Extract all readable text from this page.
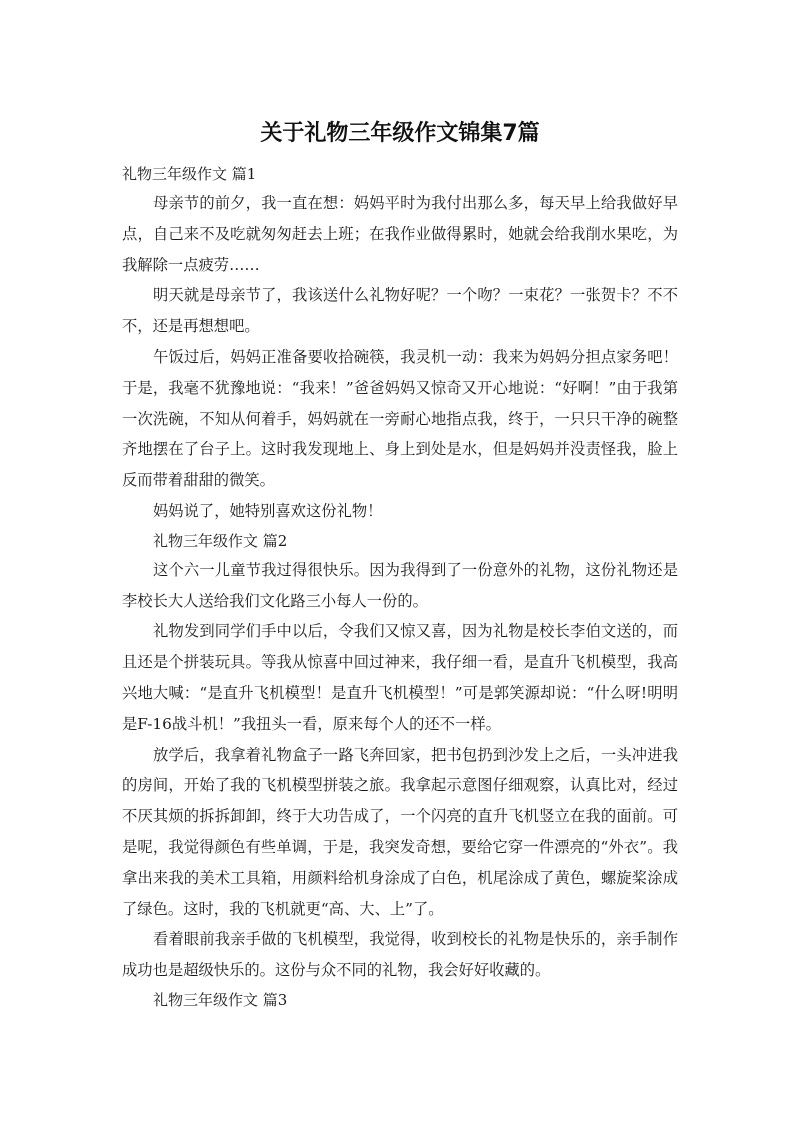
关于礼物三年级作文锦集7篇
礼物三年级作文 篇1

母亲节的前夕，我一直在想：妈妈平时为我付出那么多，每天早上给我做好早点，自己来不及吃就匆匆赶去上班；在我作业做得累时，她就会给我削水果吃，为我解除一点疲劳……

明天就是母亲节了，我该送什么礼物好呢？一个吻？一束花？一张贺卡？不不不，还是再想想吧。

午饭过后，妈妈正准备要收拾碗筷，我灵机一动：我来为妈妈分担点家务吧！于是，我毫不犹豫地说：“我来！”爸爸妈妈又惊奇又开心地说：“好啊！”由于我第一次洗碗，不知从何着手，妈妈就在一旁耐心地指点我，终于，一只只干净的碗整齐地摆在了台子上。这时我发现地上、身上到处是水，但是妈妈并没责怪我，脸上反而带着甜甜的微笑。

妈妈说了，她特别喜欢这份礼物！

礼物三年级作文 篇2

这个六一儿童节我过得很快乐。因为我得到了一份意外的礼物，这份礼物还是李校长大人送给我们文化路三小每人一份的。

礼物发到同学们手中以后，令我们又惊又喜，因为礼物是校长李伯文送的，而且还是个拼装玩具。等我从惊喜中回过神来，我仔细一看，是直升飞机模型，我高兴地大喊：“是直升飞机模型！是直升飞机模型！”可是郭笑源却说：“什么呀!明明是F-16战斗机！”我扭头一看，原来每个人的还不一样。

放学后，我拿着礼物盒子一路飞奔回家，把书包扔到沙发上之后，一头冲进我的房间，开始了我的飞机模型拼装之旅。我拿起示意图仔细观察，认真比对，经过不厌其烦的拆拆卸卸，终于大功告成了，一个闪亮的直升飞机竖立在我的面前。可是呢，我觉得颜色有些单调，于是，我突发奇想，要给它穿一件漂亮的“外衣”。我拿出来我的美术工具箱，用颜料给机身涂成了白色，机尾涂成了黄色，螺旋桨涂成了绿色。这时，我的飞机就更“高、大、上”了。

看着眼前我亲手做的飞机模型，我觉得，收到校长的礼物是快乐的，亲手制作成功也是超级快乐的。这份与众不同的礼物，我会好好收藏的。

礼物三年级作文 篇3
